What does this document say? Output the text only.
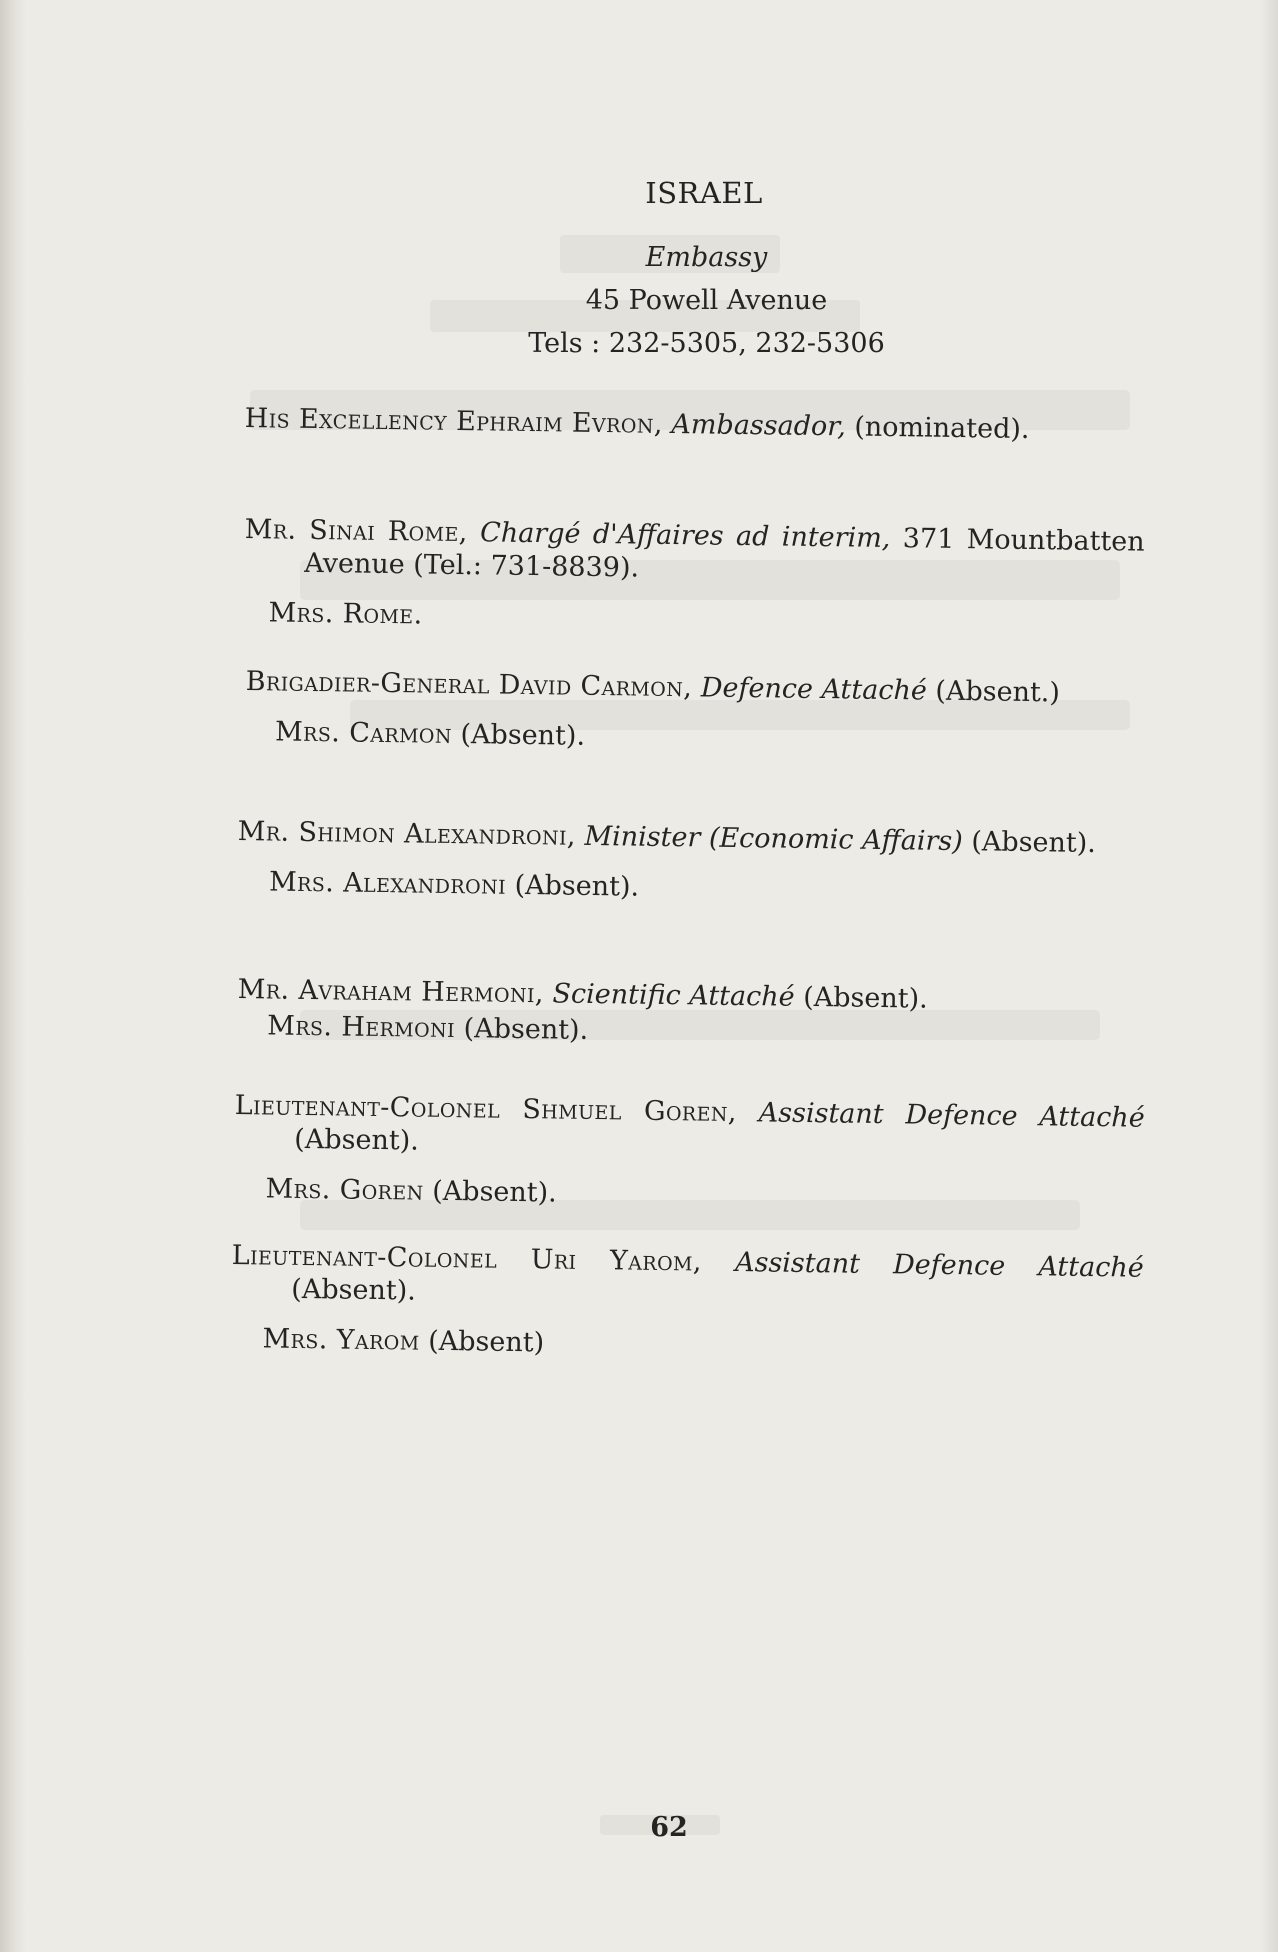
ISRAEL
Embassy
45 Powell Avenue
Tels : 232-5305, 232-5306

His Excellency Ephraim Evron, Ambassador, (nominated).

Mr. Sinai Rome, Chargé d'Affaires ad interim, 371 Mountbatten Avenue (Tel.: 731-8839).

Mrs. Rome.

Brigadier-General David Carmon, Defence Attaché (Absent.)

Mrs. Carmon (Absent).

Mr. Shimon Alexandroni, Minister (Economic Affairs) (Absent).

Mrs. Alexandroni (Absent).

Mr. Avraham Hermoni, Scientific Attaché (Absent).

Mrs. Hermoni (Absent).

Lieutenant-Colonel Shmuel Goren, Assistant Defence Attaché (Absent).

Mrs. Goren (Absent).

Lieutenant-Colonel Uri Yarom, Assistant Defence Attaché (Absent).

Mrs. Yarom (Absent)

62
